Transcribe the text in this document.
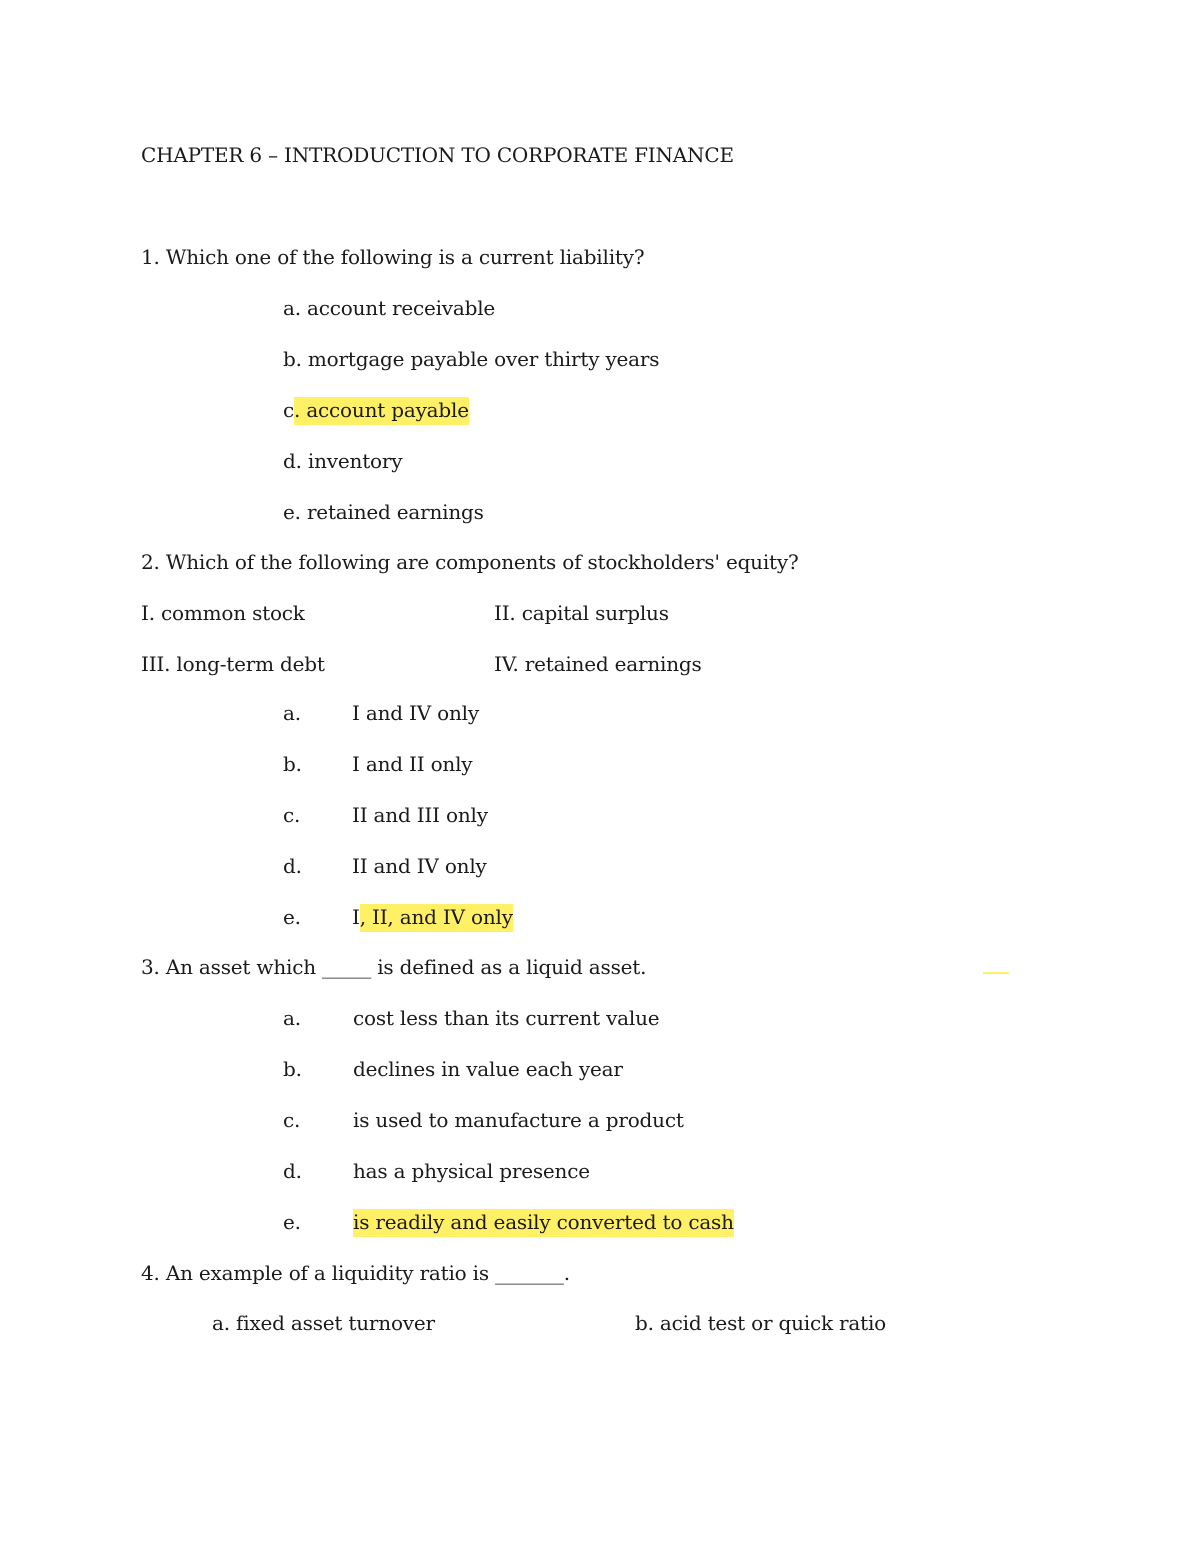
CHAPTER 6 – INTRODUCTION TO CORPORATE FINANCE
1. Which one of the following is a current liability?
a. account receivable
b. mortgage payable over thirty years
c. account payable
d. inventory
e. retained earnings
2. Which of the following are components of stockholders' equity?
I. common stock	II. capital surplus
III. long-term debt	IV. retained earnings
a.	I and IV only
b.	I and II only
c.	II and III only
d.	II and IV only
e.	I, II, and IV only
3. An asset which _____ is defined as a liquid asset.
a.	cost less than its current value
b.	declines in value each year
c.	is used to manufacture a product
d.	has a physical presence
e.	is readily and easily converted to cash
4. An example of a liquidity ratio is _______.
a. fixed asset turnover	b. acid test or quick ratio
